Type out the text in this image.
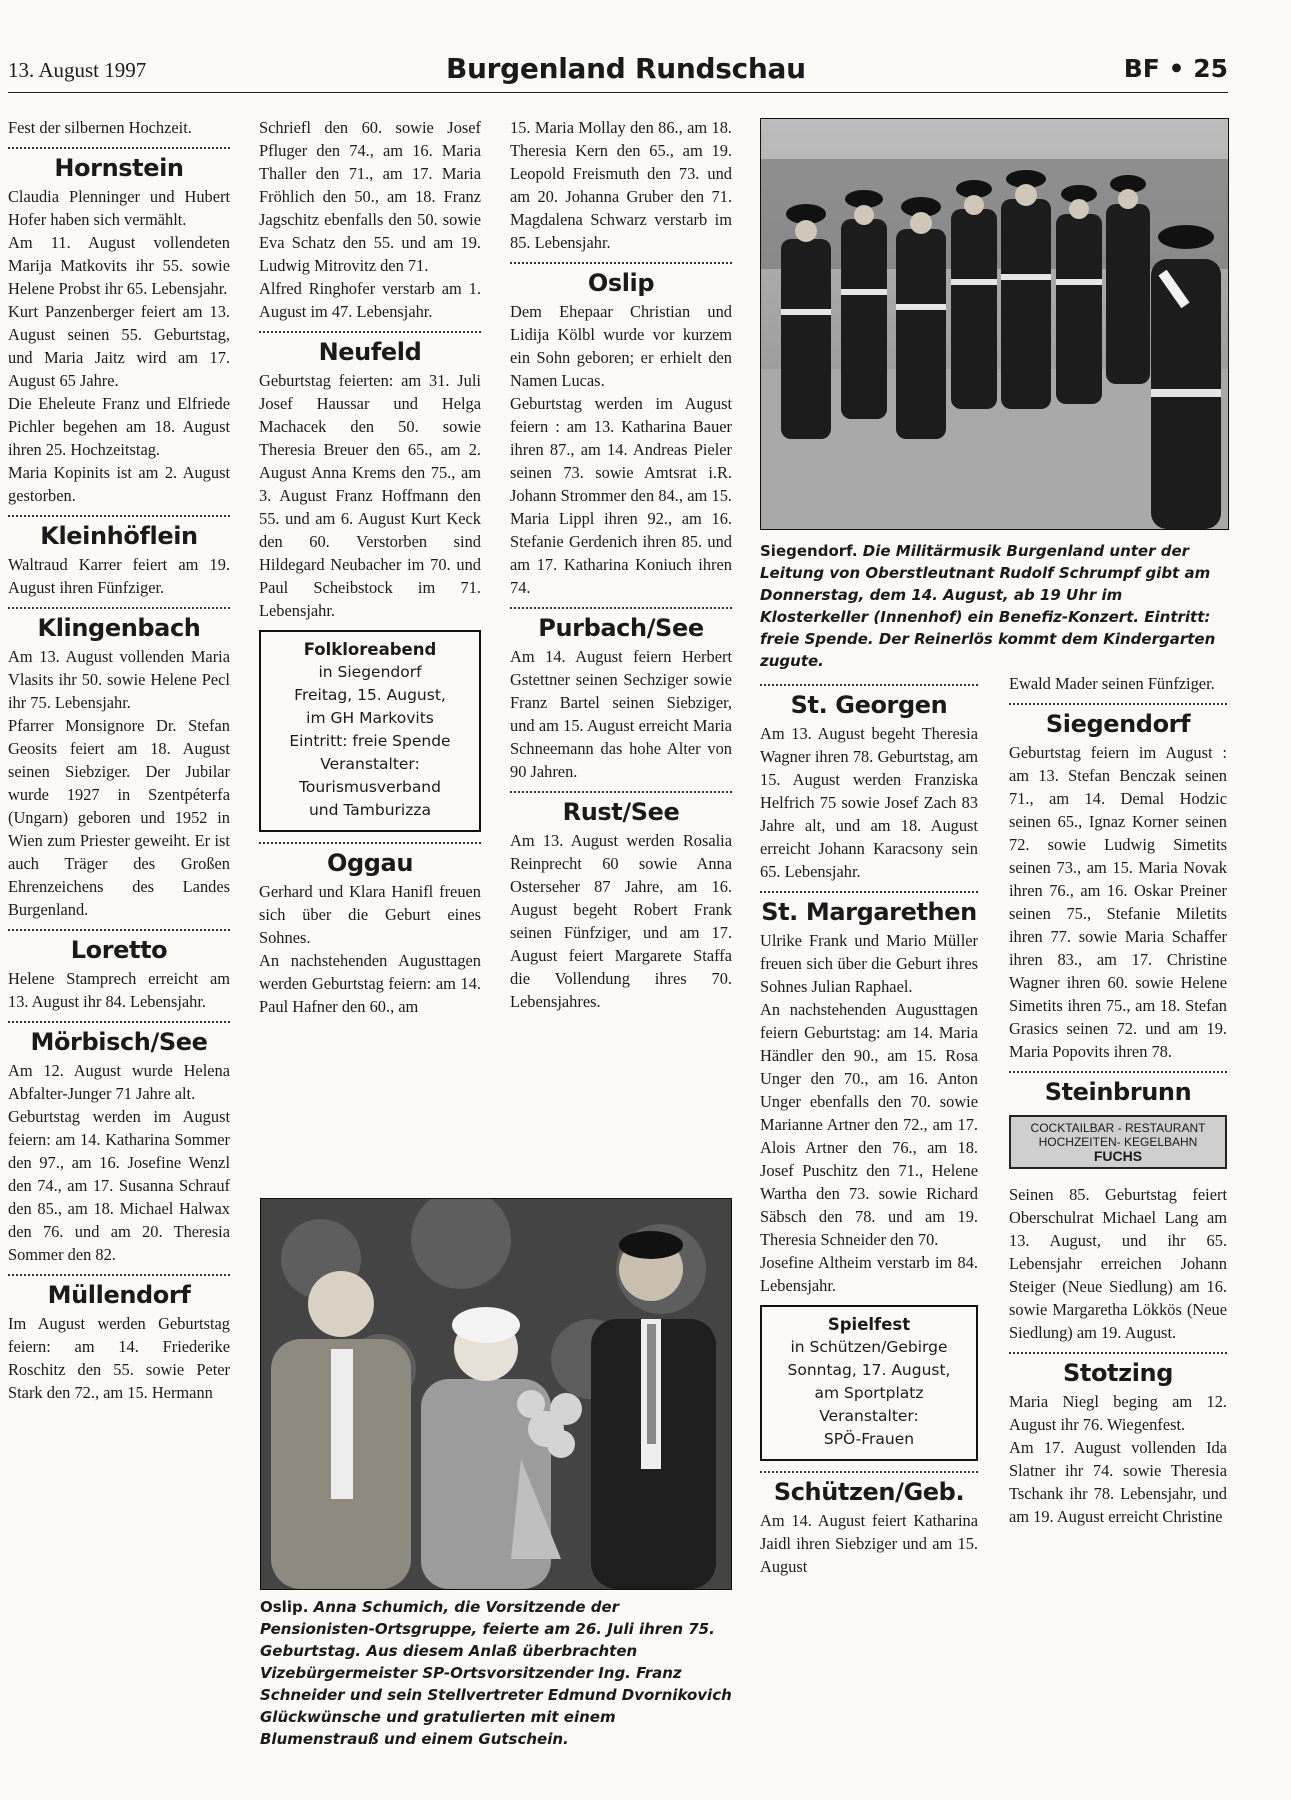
13. August 1997	Burgenland Rundschau	BF • 25

Fest der silbernen Hochzeit.

Hornstein

Claudia Plenninger und Hubert Hofer haben sich vermählt.

Am 11. August vollendeten Marija Matkovits ihr 55. sowie Helene Probst ihr 65. Lebensjahr.

Kurt Panzenberger feiert am 13. August seinen 55. Geburtstag, und Maria Jaitz wird am 17. August 65 Jahre.

Die Eheleute Franz und Elfriede Pichler begehen am 18. August ihren 25. Hochzeitstag.

Maria Kopinits ist am 2. August gestorben.

Kleinhöflein

Waltraud Karrer feiert am 19. August ihren Fünfziger.

Klingenbach

Am 13. August vollenden Maria Vlasits ihr 50. sowie Helene Pecl ihr 75. Lebensjahr.

Pfarrer Monsignore Dr. Stefan Geosits feiert am 18. August seinen Siebziger. Der Jubilar wurde 1927 in Szentpéterfa (Ungarn) geboren und 1952 in Wien zum Priester geweiht. Er ist auch Träger des Großen Ehrenzeichens des Landes Burgenland.

Loretto

Helene Stamprech erreicht am 13. August ihr 84. Lebensjahr.

Mörbisch/See

Am 12. August wurde Helena Abfalter-Junger 71 Jahre alt.

Geburtstag werden im August feiern: am 14. Katharina Sommer den 97., am 16. Josefine Wenzl den 74., am 17. Susanna Schrauf den 85., am 18. Michael Halwax den 76. und am 20. Theresia Sommer den 82.

Müllendorf

Im August werden Geburtstag feiern: am 14. Friederike Roschitz den 55. sowie Peter Stark den 72., am 15. Hermann

Schriefl den 60. sowie Josef Pfluger den 74., am 16. Maria Thaller den 71., am 17. Maria Fröhlich den 50., am 18. Franz Jagschitz ebenfalls den 50. sowie Eva Schatz den 55. und am 19. Ludwig Mitrovitz den 71.

Alfred Ringhofer verstarb am 1. August im 47. Lebensjahr.

Neufeld

Geburtstag feierten: am 31. Juli Josef Haussar und Helga Machacek den 50. sowie Theresia Breuer den 65., am 2. August Anna Krems den 75., am 3. August Franz Hoffmann den 55. und am 6. August Kurt Keck den 60. Verstorben sind Hildegard Neubacher im 70. und Paul Scheibstock im 71. Lebensjahr.

Folkloreabend
in Siegendorf
Freitag, 15. August,
im GH Markovits
Eintritt: freie Spende
Veranstalter:
Tourismusverband
und Tamburizza
Oggau

Gerhard und Klara Hanifl freuen sich über die Geburt eines Sohnes.

An nachstehenden Augusttagen werden Geburtstag feiern: am 14. Paul Hafner den 60., am

15. Maria Mollay den 86., am 18. Theresia Kern den 65., am 19. Leopold Freismuth den 73. und am 20. Johanna Gruber den 71. Magdalena Schwarz verstarb im 85. Lebensjahr.

Oslip

Dem Ehepaar Christian und Lidija Kölbl wurde vor kurzem ein Sohn geboren; er erhielt den Namen Lucas.

Geburtstag werden im August feiern : am 13. Katharina Bauer ihren 87., am 14. Andreas Pieler seinen 73. sowie Amtsrat i.R. Johann Strommer den 84., am 15. Maria Lippl ihren 92., am 16. Stefanie Gerdenich ihren 85. und am 17. Katharina Koniuch ihren 74.

Purbach/See

Am 14. August feiern Herbert Gstettner seinen Sechziger sowie Franz Bartel seinen Siebziger, und am 15. August erreicht Maria Schneemann das hohe Alter von 90 Jahren.

Rust/See

Am 13. August werden Rosalia Reinprecht 60 sowie Anna Osterseher 87 Jahre, am 16. August begeht Robert Frank seinen Fünfziger, und am 17. August feiert Margarete Staffa die Vollendung ihres 70. Lebensjahres.

Siegendorf. Die Militärmusik Burgenland unter der Leitung von Oberstleutnant Rudolf Schrumpf gibt am Donnerstag, dem 14. August, ab 19 Uhr im Klosterkeller (Innenhof) ein Benefiz-Konzert. Eintritt: freie Spende. Der Reinerlös kommt dem Kindergarten zugute.
St. Georgen

Am 13. August begeht Theresia Wagner ihren 78. Geburtstag, am 15. August werden Franziska Helfrich 75 sowie Josef Zach 83 Jahre alt, und am 18. August erreicht Johann Karacsony sein 65. Lebensjahr.

St. Margarethen

Ulrike Frank und Mario Müller freuen sich über die Geburt ihres Sohnes Julian Raphael.

An nachstehenden Augusttagen feiern Geburtstag: am 14. Maria Händler den 90., am 15. Rosa Unger den 70., am 16. Anton Unger ebenfalls den 70. sowie Marianne Artner den 72., am 17. Alois Artner den 76., am 18. Josef Puschitz den 71., Helene Wartha den 73. sowie Richard Säbsch den 78. und am 19. Theresia Schneider den 70.

Josefine Altheim verstarb im 84. Lebensjahr.

Spielfest
in Schützen/Gebirge
Sonntag, 17. August,
am Sportplatz
Veranstalter:
SPÖ-Frauen
Schützen/Geb.

Am 14. August feiert Katharina Jaidl ihren Siebziger und am 15. August

Ewald Mader seinen Fünfziger.

Siegendorf

Geburtstag feiern im August : am 13. Stefan Benczak seinen 71., am 14. Demal Hodzic seinen 65., Ignaz Korner seinen 72. sowie Ludwig Simetits seinen 73., am 15. Maria Novak ihren 76., am 16. Oskar Preiner seinen 75., Stefanie Miletits ihren 77. sowie Maria Schaffer ihren 83., am 17. Christine Wagner ihren 60. sowie Helene Simetits ihren 75., am 18. Stefan Grasics seinen 72. und am 19. Maria Popovits ihren 78.

Steinbrunn
COCKTAILBAR - RESTAURANT
HOCHZEITEN- KEGELBAHN
FUCHS

Seinen 85. Geburtstag feiert Oberschulrat Michael Lang am 13. August, und ihr 65. Lebensjahr erreichen Johann Steiger (Neue Siedlung) am 16. sowie Margaretha Lökkös (Neue Siedlung) am 19. August.

Stotzing

Maria Niegl beging am 12. August ihr 76. Wiegenfest.

Am 17. August vollenden Ida Slatner ihr 74. sowie Theresia Tschank ihr 78. Lebensjahr, und am 19. August erreicht Christine

Oslip. Anna Schumich, die Vorsitzende der Pensionisten-Ortsgruppe, feierte am 26. Juli ihren 75. Geburtstag. Aus diesem Anlaß überbrachten Vizebürgermeister SP-Ortsvorsitzender Ing. Franz Schneider und sein Stellvertreter Edmund Dvornikovich Glückwünsche und gratulierten mit einem Blumenstrauß und einem Gutschein.
